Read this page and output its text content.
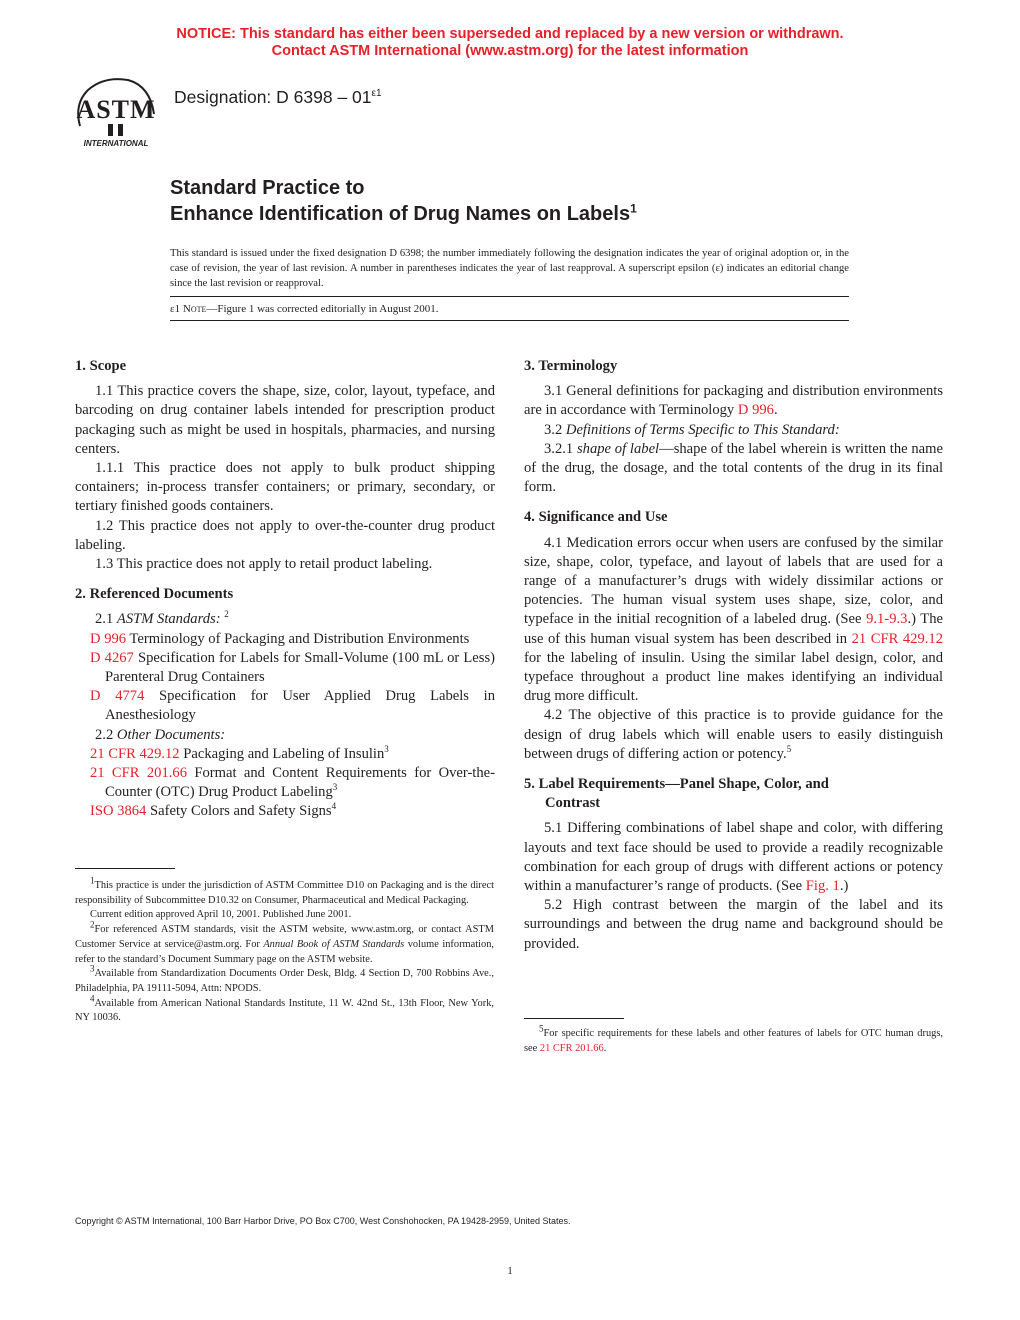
NOTICE: This standard has either been superseded and replaced by a new version or withdrawn.
Contact ASTM International (www.astm.org) for the latest information
ASTM
INTERNATIONAL
Designation: D $6398 - 01^{\varepsilon 1}$
Standard Practice to
Enhance Identification of Drug Names on Labels$^1$
This standard is issued under the fixed designation D 6398; the number immediately following the designation indicates the year of original adoption or, in the case of revision, the year of last revision. A number in parentheses indicates the year of last reapproval. A superscript epsilon (ε) indicates an editorial change since the last revision or reapproval.
ε1 Note—Figure 1 was corrected editorially in August 2001.
1. Scope

1.1 This practice covers the shape, size, color, layout, typeface, and barcoding on drug container labels intended for prescription product packaging such as might be used in hospitals, pharmacies, and nursing centers.

1.1.1 This practice does not apply to bulk product shipping containers; in-process transfer containers; or primary, secondary, or tertiary finished goods containers.

1.2 This practice does not apply to over-the-counter drug product labeling.

1.3 This practice does not apply to retail product labeling.

2. Referenced Documents

2.1 ASTM Standards: $^2$

D 996 Terminology of Packaging and Distribution Environments

D 4267 Specification for Labels for Small-Volume (100 mL or Less) Parenteral Drug Containers

D 4774 Specification for User Applied Drug Labels in Anesthesiology

2.2 Other Documents:

21 CFR 429.12 Packaging and Labeling of Insulin$^3$

21 CFR 201.66 Format and Content Requirements for Over-the-Counter (OTC) Drug Product Labeling$^3$

ISO 3864 Safety Colors and Safety Signs$^4$

3. Terminology

3.1 General definitions for packaging and distribution environments are in accordance with Terminology D 996.

3.2 Definitions of Terms Specific to This Standard:

3.2.1 shape of label—shape of the label wherein is written the name of the drug, the dosage, and the total contents of the drug in its final form.

4. Significance and Use

4.1 Medication errors occur when users are confused by the similar size, shape, color, typeface, and layout of labels that are used for a range of a manufacturer’s drugs with widely dissimilar actions or potencies. The human visual system uses shape, size, color, and typeface in the initial recognition of a labeled drug. (See 9.1-9.3.) The use of this human visual system has been described in 21 CFR 429.12 for the labeling of insulin. Using the similar label design, color, and typeface throughout a product line makes identifying an individual drug more difficult.

4.2 The objective of this practice is to provide guidance for the design of drug labels which will enable users to easily distinguish between drugs of differing action or potency.$^5$

5. Label Requirements—Panel Shape, Color, and
Contrast

5.1 Differing combinations of label shape and color, with differing layouts and text face should be used to provide a readily recognizable combination for each group of drugs with different actions or potency within a manufacturer’s range of products. (See Fig. 1.)

5.2 High contrast between the margin of the label and its surroundings and between the drug name and background should be provided.

$^1$This practice is under the jurisdiction of ASTM Committee D10 on Packaging and is the direct responsibility of Subcommittee D10.32 on Consumer, Pharmaceutical and Medical Packaging.

Current edition approved April 10, 2001. Published June 2001.

$^2$For referenced ASTM standards, visit the ASTM website, www.astm.org, or contact ASTM Customer Service at service@astm.org. For Annual Book of ASTM Standards volume information, refer to the standard’s Document Summary page on the ASTM website.

$^3$Available from Standardization Documents Order Desk, Bldg. 4 Section D, 700 Robbins Ave., Philadelphia, PA 19111-5094, Attn: NPODS.

$^4$Available from American National Standards Institute, 11 W. 42nd St., 13th Floor, New York, NY 10036.

$^5$For specific requirements for these labels and other features of labels for OTC human drugs, see 21 CFR 201.66.

Copyright © ASTM International, 100 Barr Harbor Drive, PO Box C700, West Conshohocken, PA 19428-2959, United States.
1
